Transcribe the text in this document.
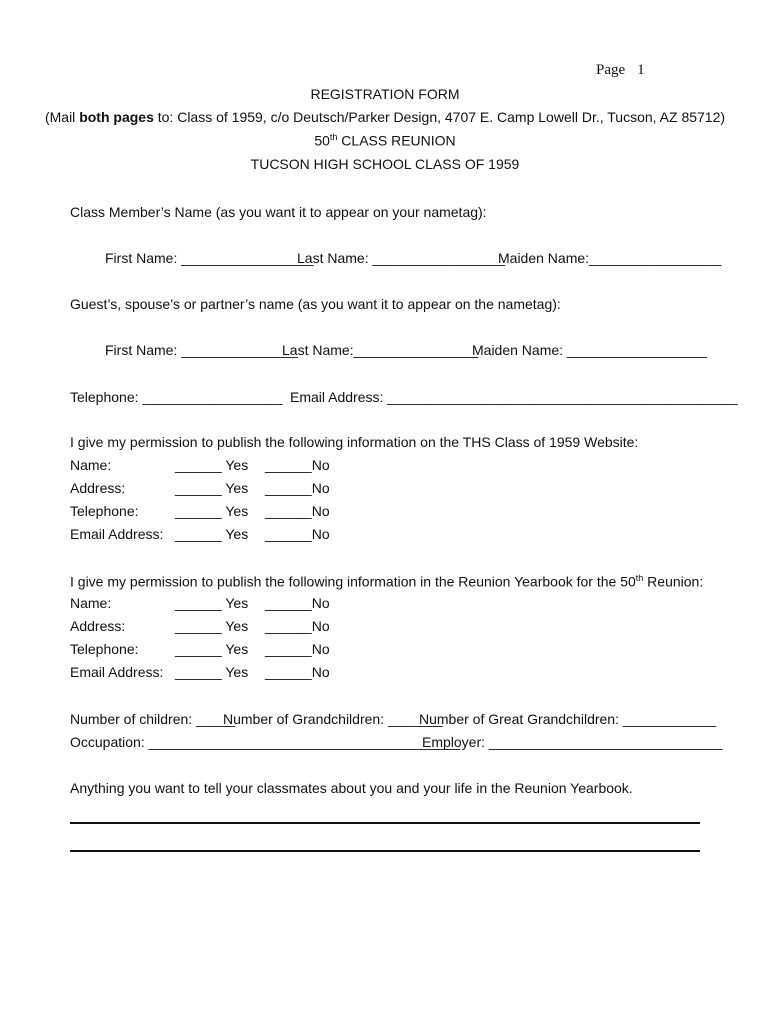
Page 1
REGISTRATION FORM
(Mail both pages to: Class of 1959, c/o Deutsch/Parker Design, 4707 E. Camp Lowell Dr., Tucson, AZ 85712)
50th CLASS REUNION
TUCSON HIGH SCHOOL CLASS OF 1959
Class Member’s Name (as you want it to appear on your nametag):
First Name: _________________
Last Name: _________________
Maiden Name:_________________
Guest’s, spouse’s or partner’s name (as you want it to appear on the nametag):
First Name: _______________
Last Name:________________
Maiden Name: __________________
Telephone: __________________ Email Address: _____________________________________________
I give my permission to publish the following information on the THS Class of 1959 Website:
Name:	______ Yes ______No
Address:	______ Yes ______No
Telephone:	______ Yes ______No
Email Address: ______ Yes ______No
I give my permission to publish the following information in the Reunion Yearbook for the 50th Reunion:
Name:	______ Yes ______No
Address:	______ Yes ______No
Telephone:	______ Yes ______No
Email Address: ______ Yes ______No
Number of children: _____
Number of Grandchildren: _______
Number of Great Grandchildren: ____________
Occupation: ________________________________________
Employer: ______________________________
Anything you want to tell your classmates about you and your life in the Reunion Yearbook.
